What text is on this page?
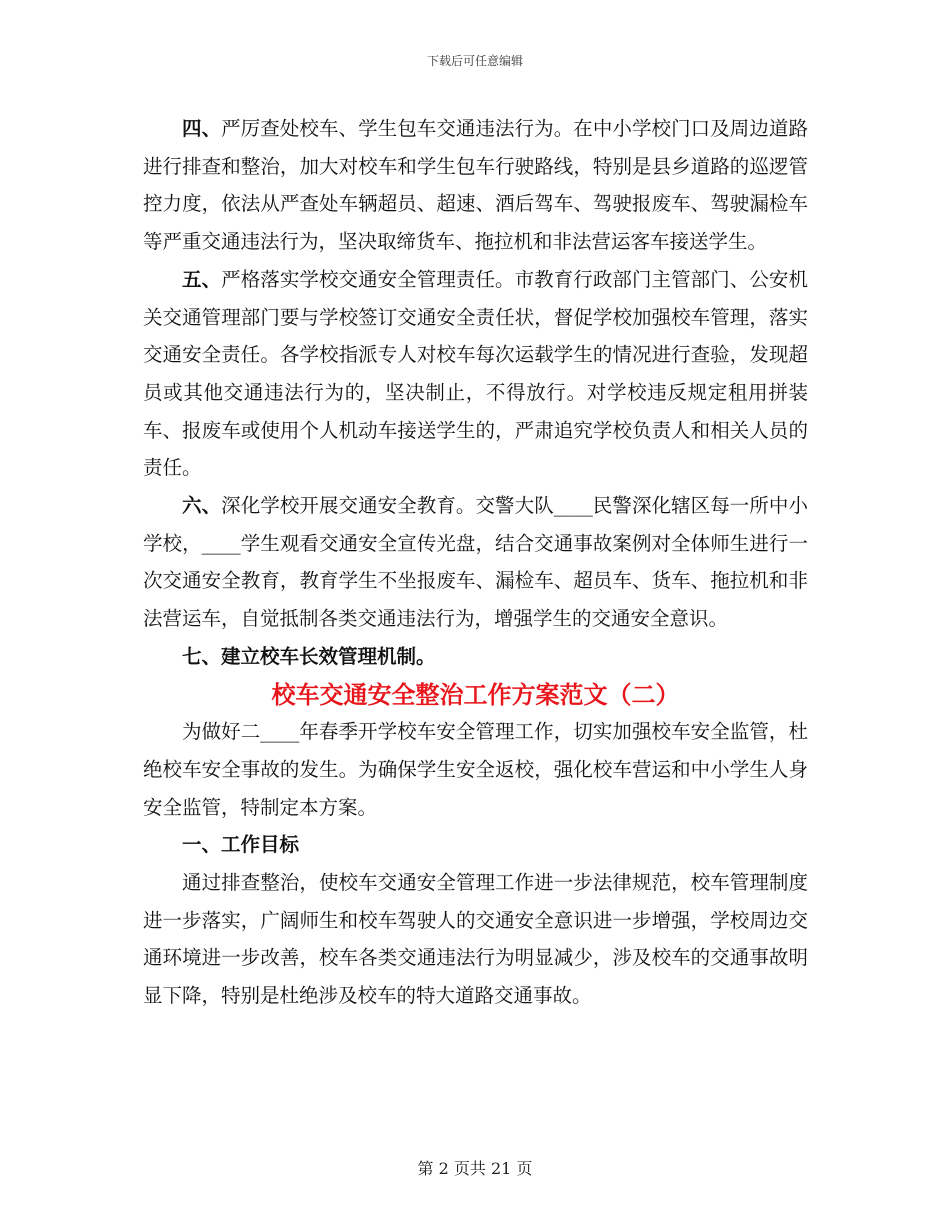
下载后可任意编辑

四、严厉查处校车、学生包车交通违法行为。在中小学校门口及周边道路进行排查和整治，加大对校车和学生包车行驶路线，特别是县乡道路的巡逻管控力度，依法从严查处车辆超员、超速、酒后驾车、驾驶报废车、驾驶漏检车等严重交通违法行为，坚决取缔货车、拖拉机和非法营运客车接送学生。

五、严格落实学校交通安全管理责任。市教育行政部门主管部门、公安机关交通管理部门要与学校签订交通安全责任状，督促学校加强校车管理，落实交通安全责任。各学校指派专人对校车每次运载学生的情况进行查验，发现超员或其他交通违法行为的，坚决制止，不得放行。对学校违反规定租用拼装车、报废车或使用个人机动车接送学生的，严肃追究学校负责人和相关人员的责任。

六、深化学校开展交通安全教育。交警大队____民警深化辖区每一所中小学校，____学生观看交通安全宣传光盘，结合交通事故案例对全体师生进行一次交通安全教育，教育学生不坐报废车、漏检车、超员车、货车、拖拉机和非法营运车，自觉抵制各类交通违法行为，增强学生的交通安全意识。

七、建立校车长效管理机制。

校车交通安全整治工作方案范文（二）

为做好二____年春季开学校车安全管理工作，切实加强校车安全监管，杜绝校车安全事故的发生。为确保学生安全返校，强化校车营运和中小学生人身安全监管，特制定本方案。

一、工作目标

通过排查整治，使校车交通安全管理工作进一步法律规范，校车管理制度进一步落实，广阔师生和校车驾驶人的交通安全意识进一步增强，学校周边交通环境进一步改善，校车各类交通违法行为明显减少，涉及校车的交通事故明显下降，特别是杜绝涉及校车的特大道路交通事故。

第 2 页共 21 页
